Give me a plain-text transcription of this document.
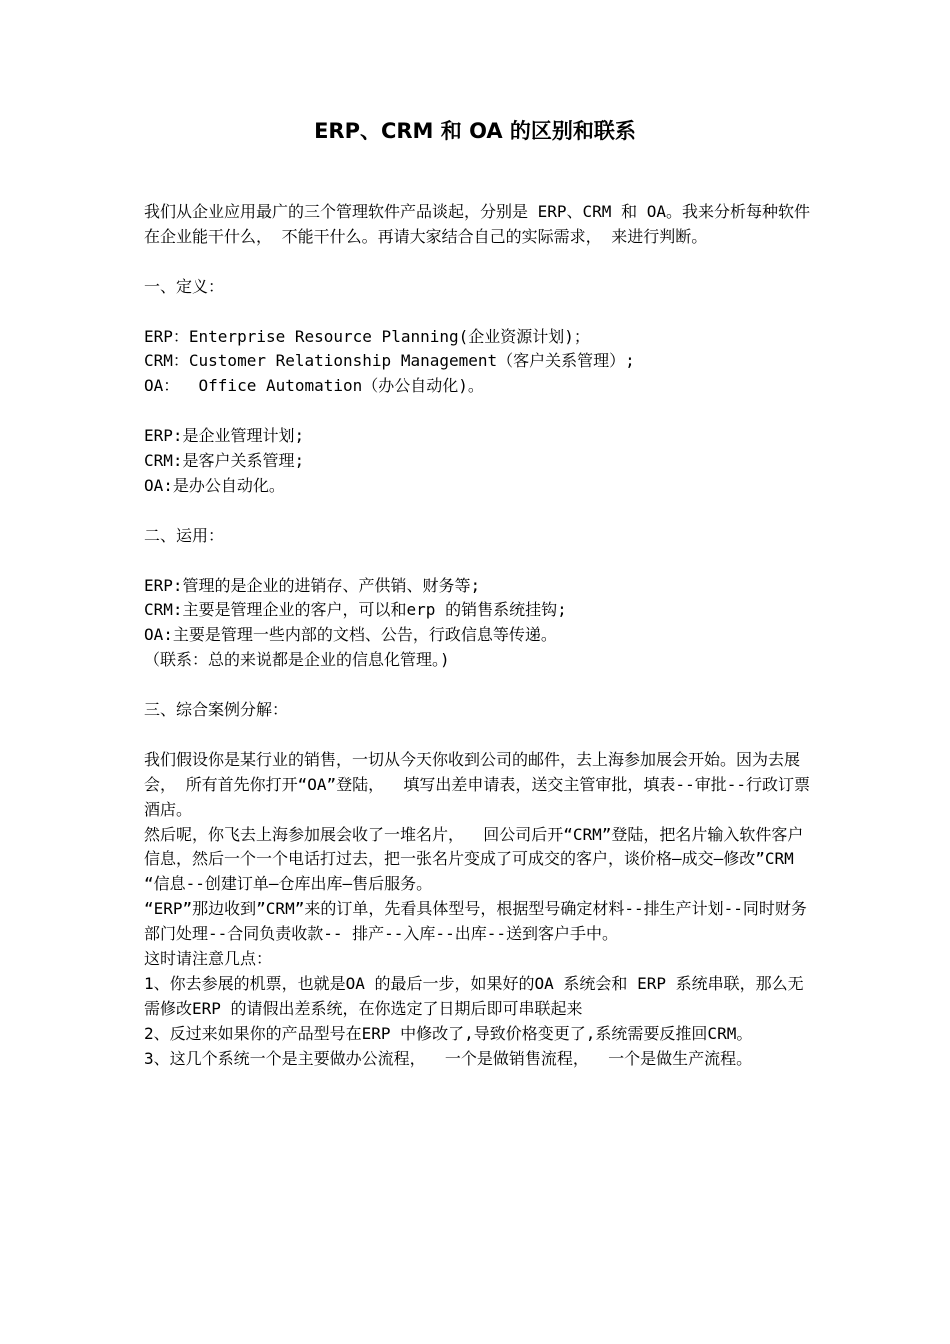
ERP、CRM 和 OA 的区别和联系

我们从企业应用最广的三个管理软件产品谈起，分别是 ERP、CRM 和 OA。我来分析每种软件在企业能干什么， 不能干什么。再请大家结合自己的实际需求， 来进行判断。

一、定义：

ERP：Enterprise Resource Planning(企业资源计划)；

CRM：Customer Relationship Management（客户关系管理）;

OA：  Office Automation（办公自动化)。

ERP:是企业管理计划;

CRM:是客户关系管理;

OA:是办公自动化。

二、运用：

ERP:管理的是企业的进销存、产供销、财务等;

CRM:主要是管理企业的客户，可以和erp 的销售系统挂钩;

OA:主要是管理一些内部的文档、公告，行政信息等传递。

（联系：总的来说都是企业的信息化管理。)

三、综合案例分解：

我们假设你是某行业的销售，一切从今天你收到公司的邮件，去上海参加展会开始。因为去展会， 所有首先你打开“OA”登陆，  填写出差申请表，送交主管审批，填表--审批--行政订票酒店。

然后呢，你飞去上海参加展会收了一堆名片，  回公司后开“CRM”登陆，把名片输入软件客户信息，然后一个一个电话打过去，把一张名片变成了可成交的客户，谈价格—成交—修改”CRM “信息--创建订单—仓库出库—售后服务。

“ERP”那边收到”CRM”来的订单，先看具体型号，根据型号确定材料--排生产计划--同时财务部门处理--合同负责收款-- 排产--入库--出库--送到客户手中。

这时请注意几点：

1、你去参展的机票，也就是OA 的最后一步，如果好的OA 系统会和 ERP 系统串联，那么无需修改ERP 的请假出差系统，在你选定了日期后即可串联起来

2、反过来如果你的产品型号在ERP 中修改了,导致价格变更了,系统需要反推回CRM。

3、这几个系统一个是主要做办公流程，  一个是做销售流程，  一个是做生产流程。
